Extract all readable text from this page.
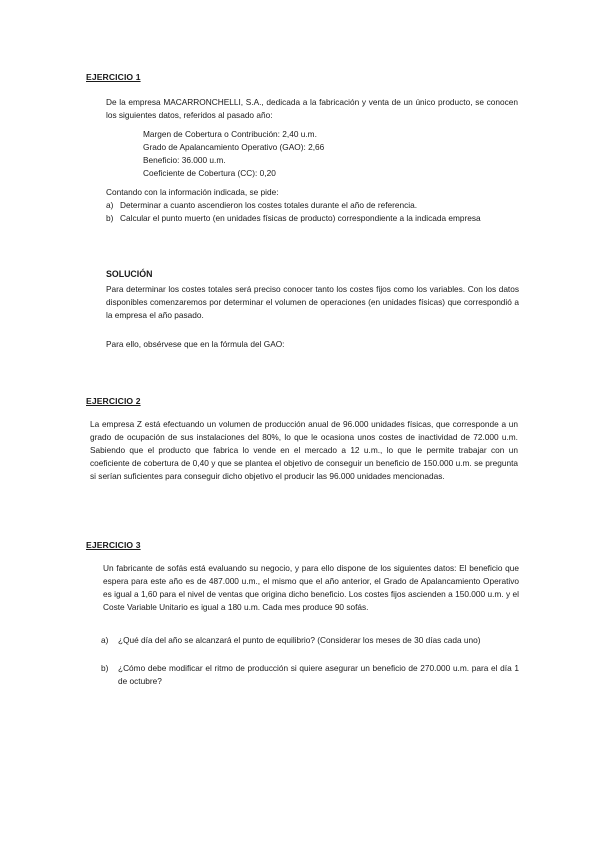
EJERCICIO 1
De la empresa MACARRONCHELLI, S.A., dedicada a la fabricación y venta de un único producto, se conocen los siguientes datos, referidos al pasado año:
Margen de Cobertura o Contribución: 2,40 u.m.
Grado de Apalancamiento Operativo (GAO): 2,66
Beneficio: 36.000 u.m.
Coeficiente de Cobertura (CC): 0,20
Contando con la información indicada, se pide:
a) Determinar a cuanto ascendieron los costes totales durante el año de referencia.
b) Calcular el punto muerto (en unidades físicas de producto) correspondiente a la indicada empresa
SOLUCIÓN
Para determinar los costes totales será preciso conocer tanto los costes fijos como los variables. Con los datos disponibles comenzaremos por determinar el volumen de operaciones (en unidades físicas) que correspondió a la empresa el año pasado.
Para ello, obsérvese que en la fórmula del GAO:
EJERCICIO 2
La empresa Z está efectuando un volumen de producción anual de 96.000 unidades físicas, que corresponde a un grado de ocupación de sus instalaciones del 80%, lo que le ocasiona unos costes de inactividad de 72.000 u.m. Sabiendo que el producto que fabrica lo vende en el mercado a 12 u.m., lo que le permite trabajar con un coeficiente de cobertura de 0,40 y que se plantea el objetivo de conseguir un beneficio de 150.000 u.m. se pregunta si serían suficientes para conseguir dicho objetivo el producir las 96.000 unidades mencionadas.
EJERCICIO 3
Un fabricante de sofás está evaluando su negocio, y para ello dispone de los siguientes datos: El beneficio que espera para este año es de 487.000 u.m., el mismo que el año anterior, el Grado de Apalancamiento Operativo es igual a 1,60 para el nivel de ventas que origina dicho beneficio. Los costes fijos ascienden a 150.000 u.m. y el Coste Variable Unitario es igual a 180 u.m. Cada mes produce 90 sofás.
a) ¿Qué día del año se alcanzará el punto de equilibrio? (Considerar los meses de 30 días cada uno)
b) ¿Cómo debe modificar el ritmo de producción si quiere asegurar un beneficio de 270.000 u.m. para el día 1 de octubre?
